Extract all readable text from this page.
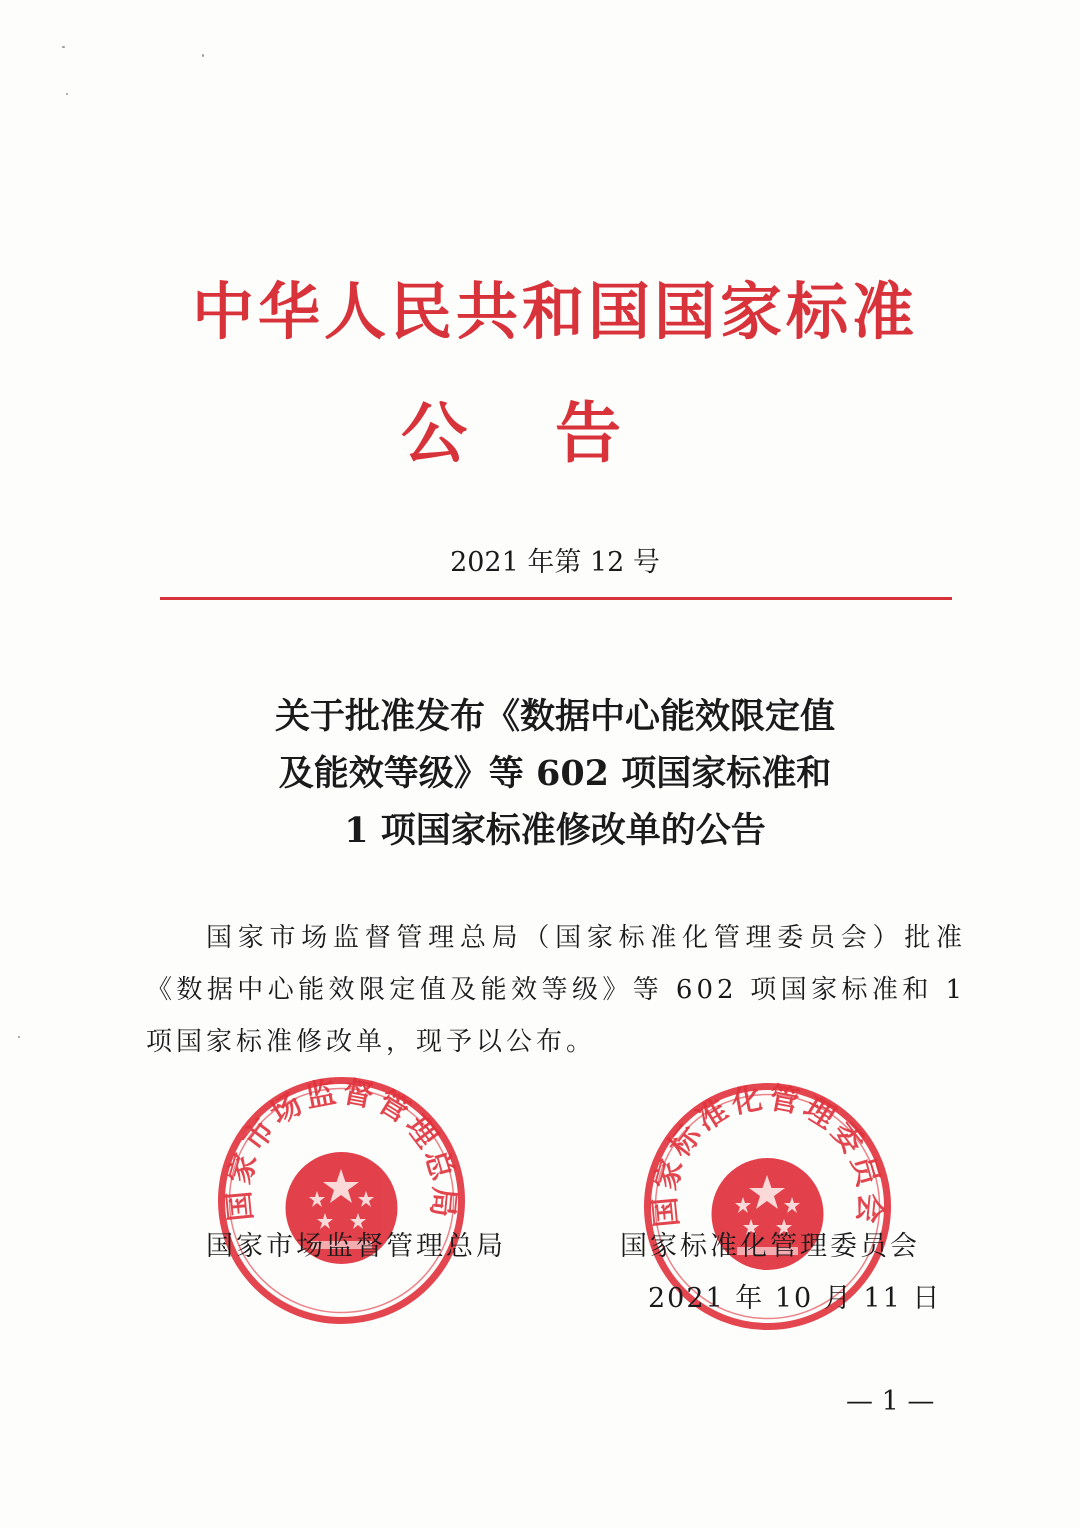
中华人民共和国国家标准
公告
2021 年第 12 号
关于批准发布《数据中心能效限定值
及能效等级》等 602 项国家标准和
1 项国家标准修改单的公告
国家市场监督管理总局（国家标准化管理委员会）批准《数据中心能效限定值及能效等级》等 602 项国家标准和 1 项国家标准修改单，现予以公布。
国家市场监督管理总局	国家标准化管理委员会
国家市场监督管理总局	国家标准化管理委员会
2021 年 10 月 11 日
— 1 —
